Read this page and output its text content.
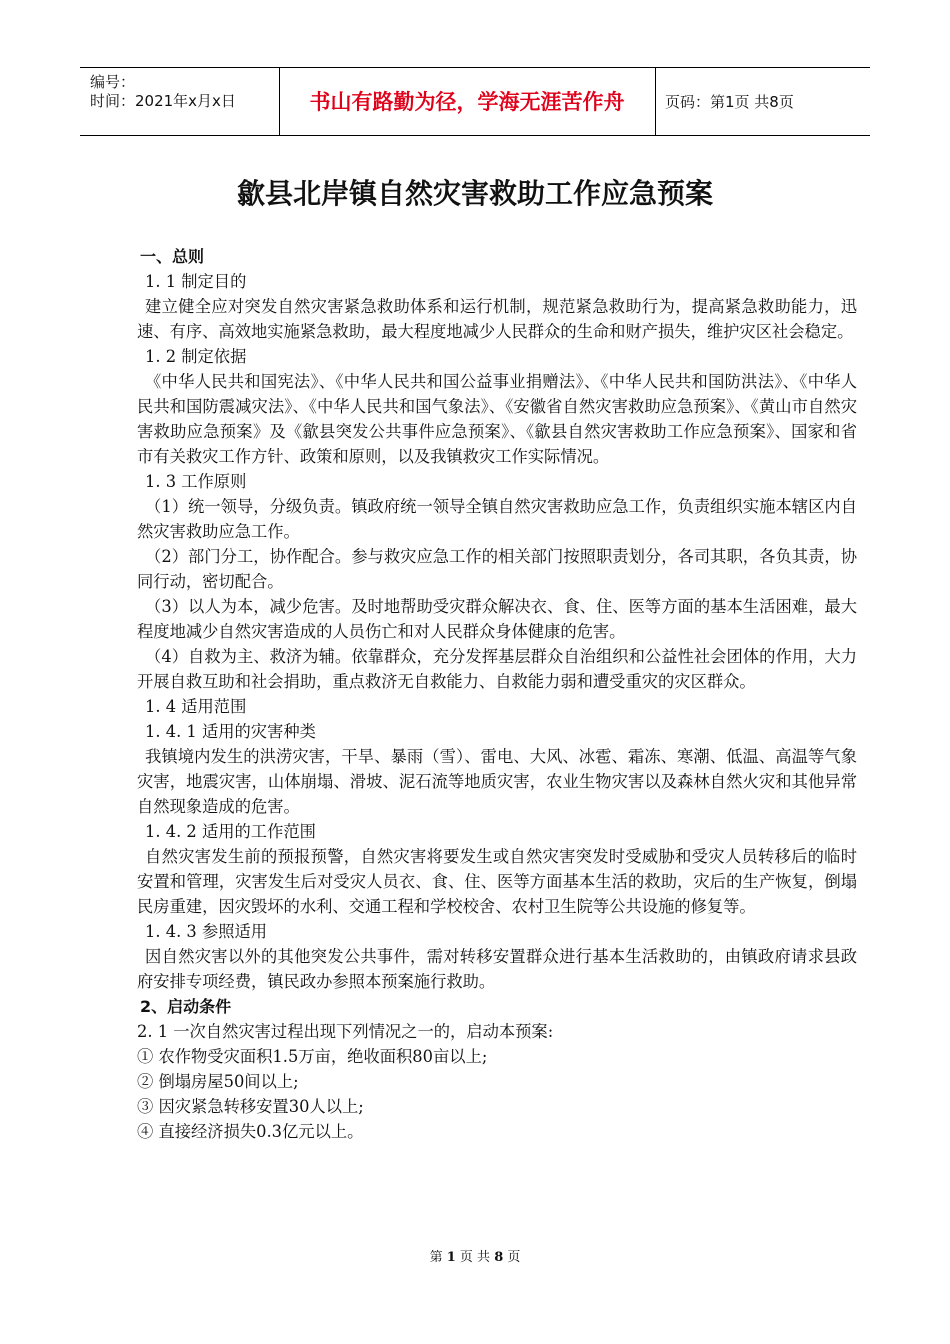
编号：
时间：2021年x月x日	书山有路勤为径，学海无涯苦作舟	页码：第1页 共8页
歙县北岸镇自然灾害救助工作应急预案

一、总则

1. 1 制定目的

建立健全应对突发自然灾害紧急救助体系和运行机制，规范紧急救助行为，提高紧急救助能力，迅速、有序、高效地实施紧急救助，最大程度地减少人民群众的生命和财产损失，维护灾区社会稳定。

1. 2 制定依据

《中华人民共和国宪法》、《中华人民共和国公益事业捐赠法》、《中华人民共和国防洪法》、《中华人民共和国防震减灾法》、《中华人民共和国气象法》、《安徽省自然灾害救助应急预案》、《黄山市自然灾害救助应急预案》及《歙县突发公共事件应急预案》、《歙县自然灾害救助工作应急预案》、国家和省市有关救灾工作方针、政策和原则，以及我镇救灾工作实际情况。

1. 3 工作原则

（1）统一领导，分级负责。镇政府统一领导全镇自然灾害救助应急工作，负责组织实施本辖区内自然灾害救助应急工作。

（2）部门分工，协作配合。参与救灾应急工作的相关部门按照职责划分，各司其职，各负其责，协同行动，密切配合。

（3）以人为本，减少危害。及时地帮助受灾群众解决衣、食、住、医等方面的基本生活困难，最大程度地减少自然灾害造成的人员伤亡和对人民群众身体健康的危害。

（4）自救为主、救济为辅。依靠群众，充分发挥基层群众自治组织和公益性社会团体的作用，大力开展自救互助和社会捐助，重点救济无自救能力、自救能力弱和遭受重灾的灾区群众。

1. 4 适用范围

1. 4. 1 适用的灾害种类

我镇境内发生的洪涝灾害，干旱、暴雨（雪）、雷电、大风、冰雹、霜冻、寒潮、低温、高温等气象灾害，地震灾害，山体崩塌、滑坡、泥石流等地质灾害，农业生物灾害以及森林自然火灾和其他异常自然现象造成的危害。

1. 4. 2 适用的工作范围

自然灾害发生前的预报预警，自然灾害将要发生或自然灾害突发时受威胁和受灾人员转移后的临时安置和管理，灾害发生后对受灾人员衣、食、住、医等方面基本生活的救助，灾后的生产恢复，倒塌民房重建，因灾毁坏的水利、交通工程和学校校舍、农村卫生院等公共设施的修复等。

1. 4. 3 参照适用

因自然灾害以外的其他突发公共事件，需对转移安置群众进行基本生活救助的，由镇政府请求县政府安排专项经费，镇民政办参照本预案施行救助。

2、启动条件

2. 1 一次自然灾害过程出现下列情况之一的，启动本预案:

① 农作物受灾面积1.5万亩，绝收面积80亩以上;

② 倒塌房屋50间以上;

③ 因灾紧急转移安置30人以上;

④ 直接经济损失0.3亿元以上。

第 1 页 共 8 页
